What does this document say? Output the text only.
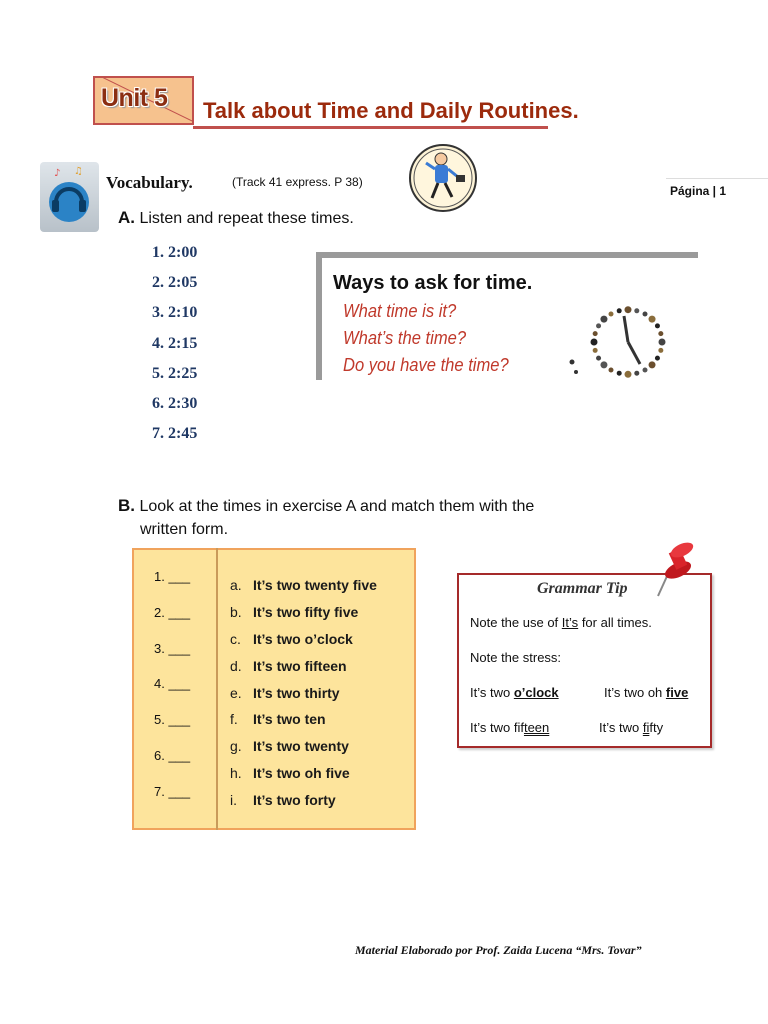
Unit 5 Talk about Time and Daily Routines.
♪ ♫
Vocabulary.	(Track 41 express. P 38)
Página | 1
A. Listen and repeat these times.
1. 2:00
2. 2:05
3. 2:10
4. 2:15
5. 2:25
6. 2:30
7. 2:45
Ways to ask for time.
What time is it?
What’s the time?
Do you have the time?
B. Look at the times in exercise A and match them with the
written form.
1. ___
2. ___
3. ___
4. ___
5. ___
6. ___
7. ___
a. It’s two twenty five
b. It’s two fifty five
c. It’s two o’clock
d. It’s two fifteen
e. It’s two thirty
f. It’s two ten
g. It’s two twenty
h. It’s two oh five
i. It’s two forty
Grammar Tip
Note the use of It’s for all times.
Note the stress:
It’s two o’clock	It’s two oh five
It’s two fifteen	It’s two fifty
Material Elaborado por Prof. Zaida Lucena “Mrs. Tovar”
